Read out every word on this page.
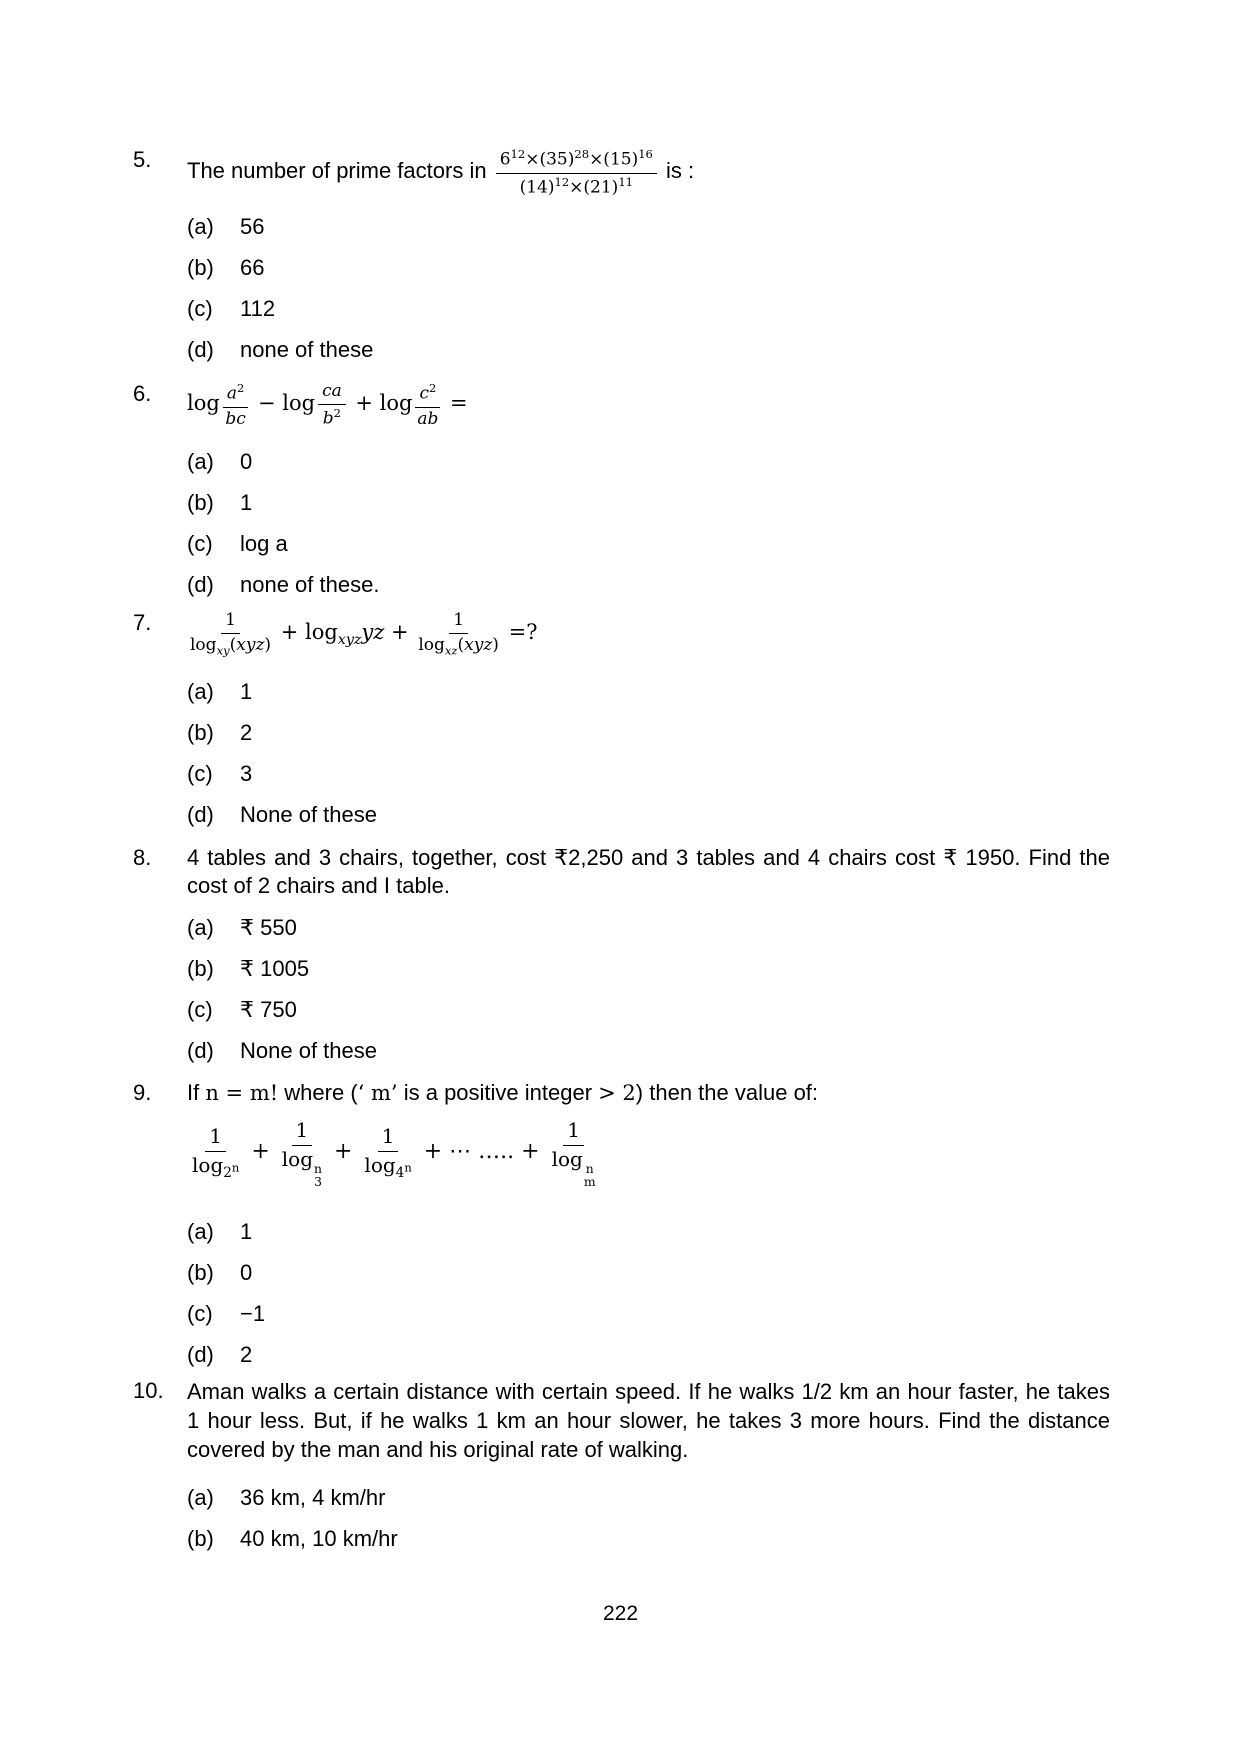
5.	The number of prime factors in $\frac{6^{12}\times(35)^{28}\times(15)^{16}}{(14)^{12}\times(21)^{11}}$ is :
(a)	56
(b)	66
(c)	112
(d)	none of these
6.	$\log \frac{a^2}{bc} - \log \frac{ca}{b^2} + \log \frac{c^2}{ab}$ =
(a)	0
(b)	1
(c)	log a
(d)	none of these.
7.	$\frac{1}{\log_{xy}(xyz)} + \log_{xyz}yz + \frac{1}{\log_{xz}(xyz)}$ =?
(a)	1
(b)	2
(c)	3
(d)	None of these
8.	4 tables and 3 chairs, together, cost ₹2,250 and 3 tables and 4 chairs cost ₹ 1950. Find the cost of 2 chairs and I table.
(a)	₹ 550
(b)	₹ 1005
(c)	₹ 750
(d)	None of these
9.	If n = m! where (‘ m’ is a positive integer > 2) then the value of:
$\frac{1}{\log_{2^n}} + 1$
log n
$3 + \frac{1}{\log_{4^n}}$ + ⋯ ….. + 1
log n
m
(a)	1
(b)	0
(c)	−1
(d)	2
10.	Aman walks a certain distance with certain speed. If he walks 1/2 km an hour faster, he takes 1 hour less. But, if he walks 1 km an hour slower, he takes 3 more hours. Find the distance covered by the man and his original rate of walking.
(a)	36 km, 4 km/hr
(b)	40 km, 10 km/hr
222
